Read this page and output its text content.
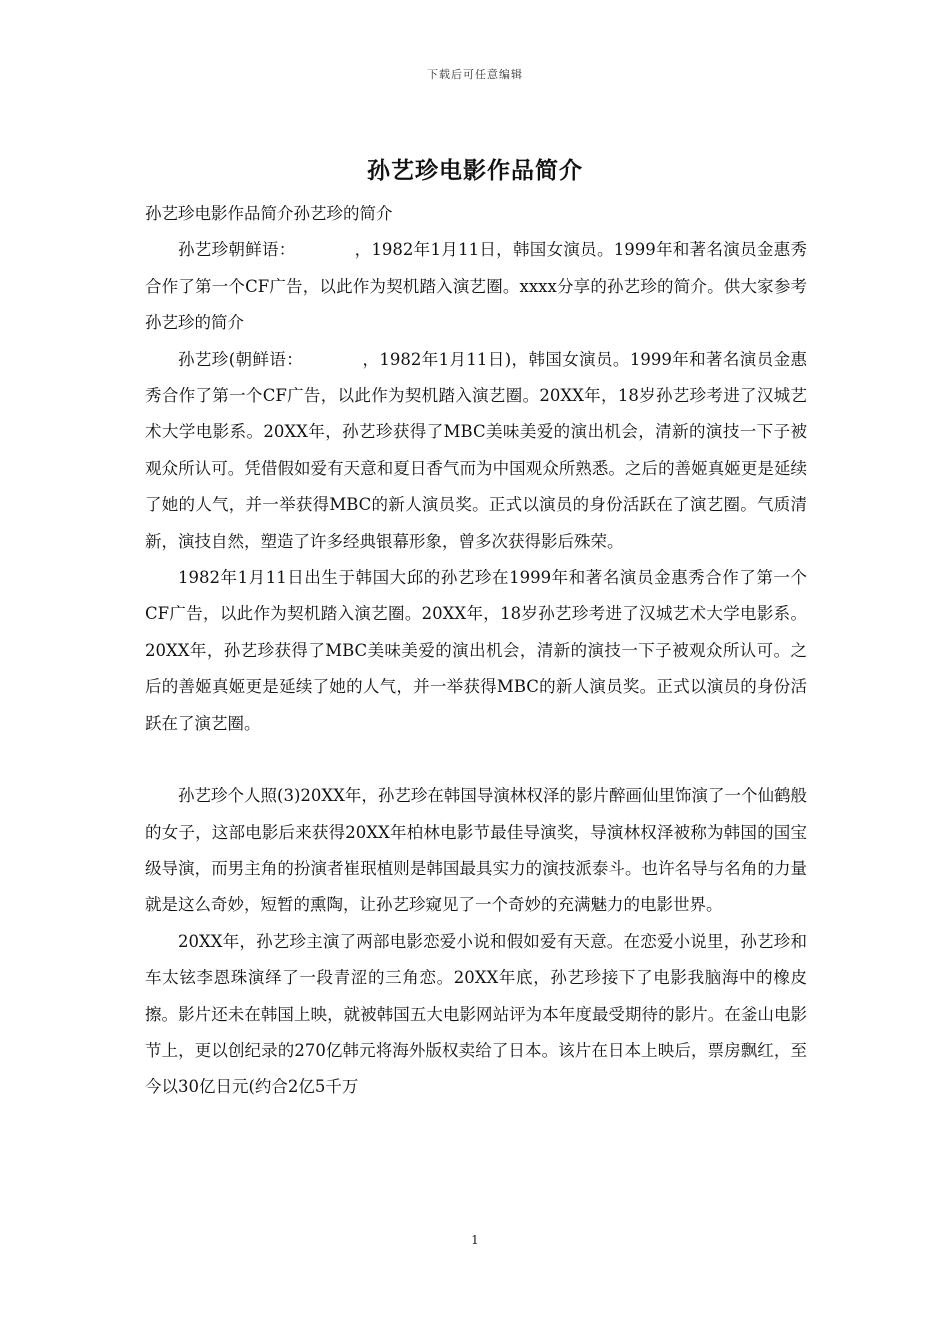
下载后可任意编辑
孙艺珍电影作品简介

孙艺珍电影作品简介孙艺珍的简介

孙艺珍朝鲜语：　　　　，1982年1月11日，韩国女演员。1999年和著名演员金惠秀合作了第一个CF广告，以此作为契机踏入演艺圈。xxxx分享的孙艺珍的简介。供大家参考孙艺珍的简介

孙艺珍(朝鲜语：　　　　，1982年1月11日)，韩国女演员。1999年和著名演员金惠秀合作了第一个CF广告，以此作为契机踏入演艺圈。20XX年，18岁孙艺珍考进了汉城艺术大学电影系。20XX年，孙艺珍获得了MBC美味美爱的演出机会，清新的演技一下子被观众所认可。凭借假如爱有天意和夏日香气而为中国观众所熟悉。之后的善姬真姬更是延续了她的人气，并一举获得MBC的新人演员奖。正式以演员的身份活跃在了演艺圈。气质清新，演技自然，塑造了许多经典银幕形象，曾多次获得影后殊荣。

1982年1月11日出生于韩国大邱的孙艺珍在1999年和著名演员金惠秀合作了第一个CF广告，以此作为契机踏入演艺圈。20XX年，18岁孙艺珍考进了汉城艺术大学电影系。20XX年，孙艺珍获得了MBC美味美爱的演出机会，清新的演技一下子被观众所认可。之后的善姬真姬更是延续了她的人气，并一举获得MBC的新人演员奖。正式以演员的身份活跃在了演艺圈。

孙艺珍个人照(3)20XX年，孙艺珍在韩国导演林权泽的影片醉画仙里饰演了一个仙鹤般的女子，这部电影后来获得20XX年柏林电影节最佳导演奖，导演林权泽被称为韩国的国宝级导演，而男主角的扮演者崔珉植则是韩国最具实力的演技派泰斗。也许名导与名角的力量就是这么奇妙，短暂的熏陶，让孙艺珍窥见了一个奇妙的充满魅力的电影世界。

20XX年，孙艺珍主演了两部电影恋爱小说和假如爱有天意。在恋爱小说里，孙艺珍和车太铉李恩珠演绎了一段青涩的三角恋。20XX年底，孙艺珍接下了电影我脑海中的橡皮擦。影片还未在韩国上映，就被韩国五大电影网站评为本年度最受期待的影片。在釜山电影节上，更以创纪录的270亿韩元将海外版权卖给了日本。该片在日本上映后，票房飘红，至今以30亿日元(约合2亿5千万

1
